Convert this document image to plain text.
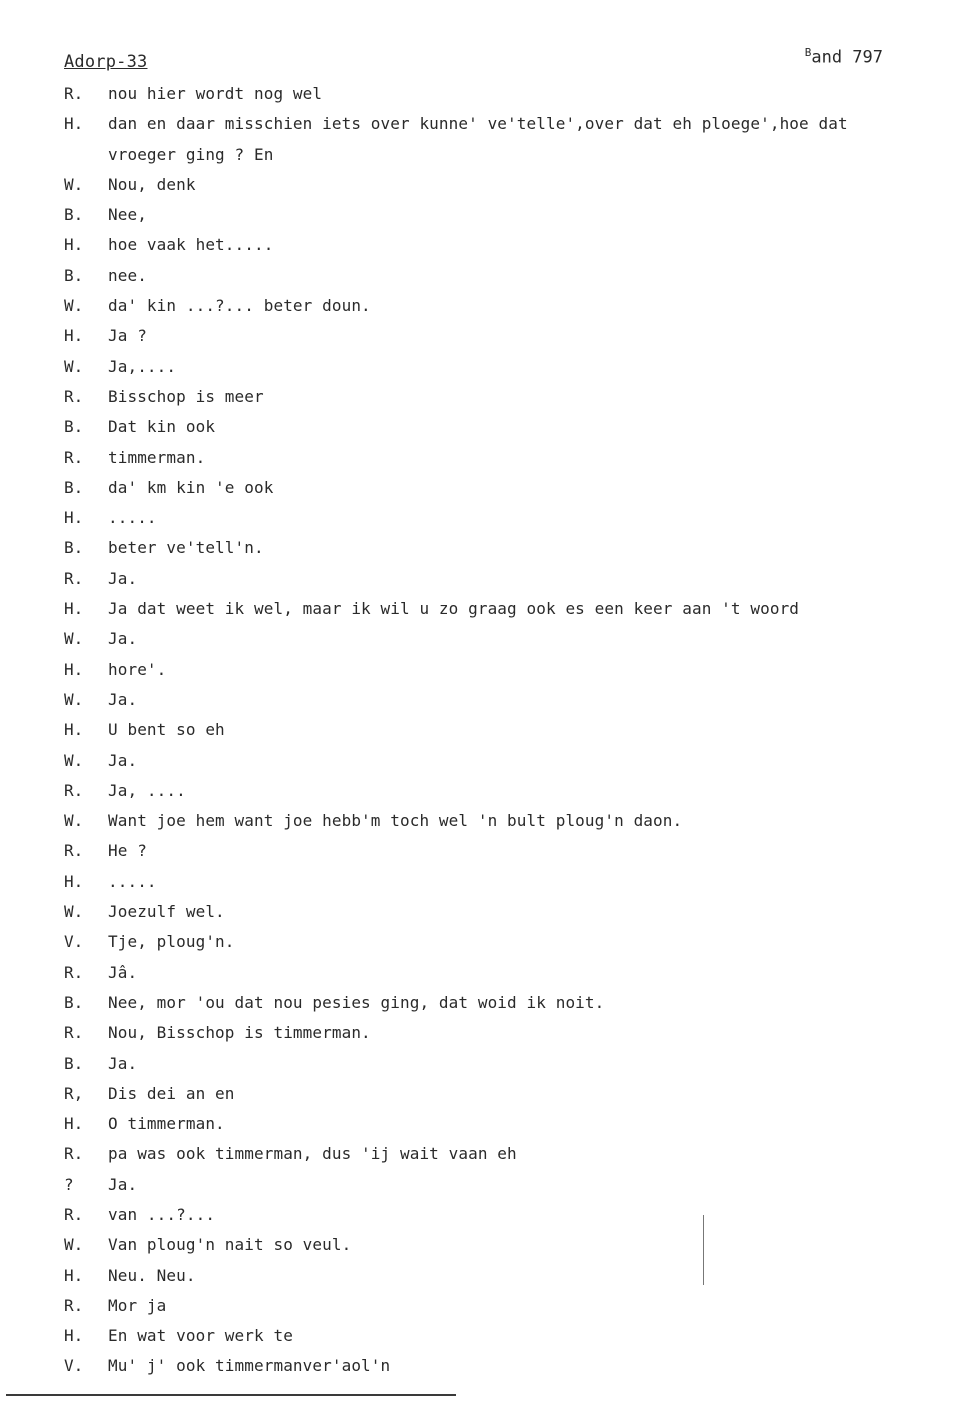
Adorp-33	$^B$and 797
R.	nou hier wordt nog wel
H.	dan en daar misschien iets over kunne' ve'telle',over dat eh ploege',hoe dat
vroeger ging ? En
W.	Nou, denk
B.	Nee,
H.	hoe vaak het.....
B.	nee.
W.	da' kin ...?... beter doun.
H.	Ja ?
W.	Ja,....
R.	Bisschop is meer
B.	Dat kin ook
R.	timmerman.
B.	da' km kin 'e ook
H.	.....
B.	beter ve'tell'n.
R.	Ja.
H.	Ja dat weet ik wel, maar ik wil u zo graag ook es een keer aan 't woord
W.	Ja.
H.	hore'.
W.	Ja.
H.	U bent so eh
W.	Ja.
R.	Ja, ....
W.	Want joe hem want joe hebb'm toch wel 'n bult ploug'n daon.
R.	He ?
H.	.....
W.	Joezulf wel.
V.	Tje, ploug'n.
R.	Jâ.
B.	Nee, mor 'ou dat nou pesies ging, dat woid ik noit.
R.	Nou, Bisschop is timmerman.
B.	Ja.
R,	Dis dei an en
H.	O timmerman.
R.	pa was ook timmerman, dus 'ij wait vaan eh
?	Ja.
R.	van ...?...
W.	Van ploug'n nait so veul.
H.	Neu. Neu.
R.	Mor ja
H.	En wat voor werk te
V.	Mu' j' ook timmermanver'aol'n
